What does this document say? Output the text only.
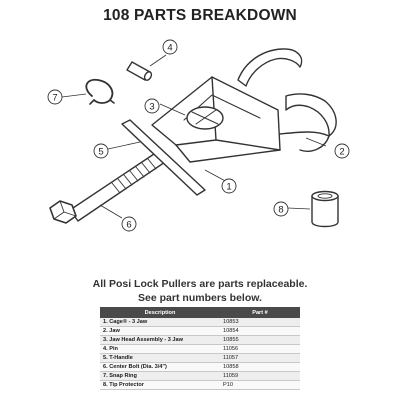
108 PARTS BREAKDOWN
4
3
1
2
5
6
7
8
All Posi Lock Pullers are parts replaceable.
See part numbers below.
Description	Part #
1. Cage® - 3 Jaw	10853
2. Jaw	10854
3. Jaw Head Assembly - 3 Jaw	10855
4. Pin	11056
5. T-Handle	11057
6. Center Bolt (Dia. 3/4")	10858
7. Snap Ring	11059
8. Tip Protector	P10
